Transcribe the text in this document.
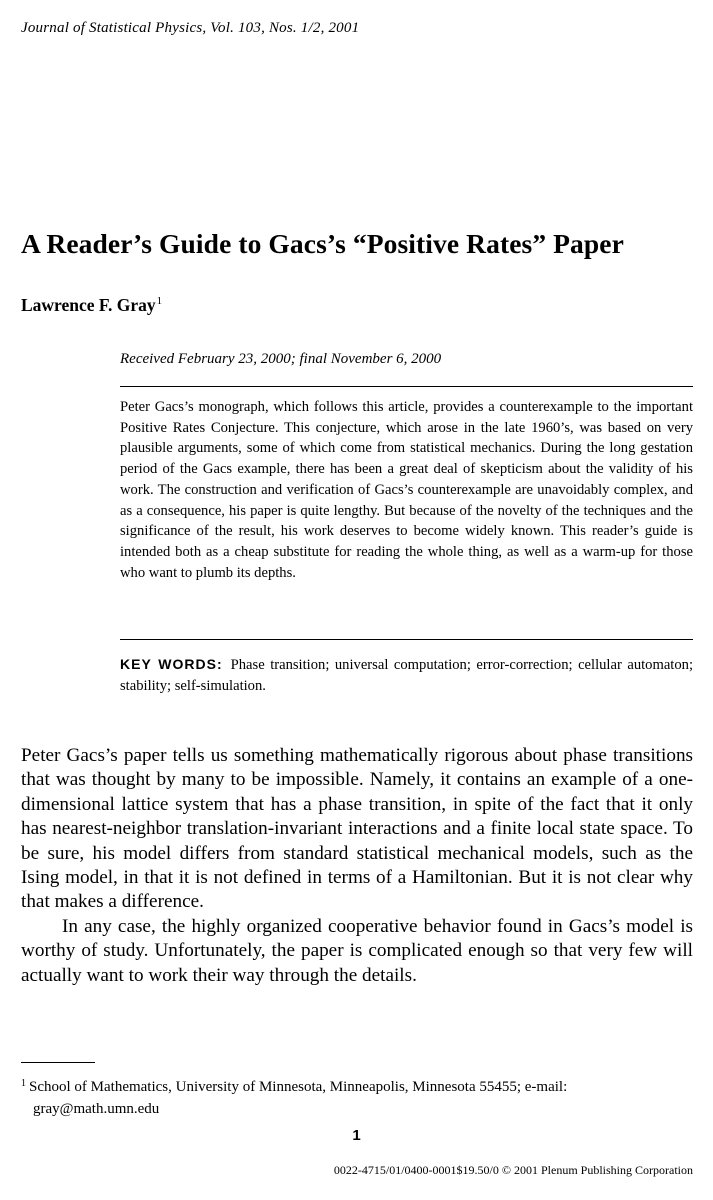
Journal of Statistical Physics, Vol. 103, Nos. 1/2, 2001
A Reader’s Guide to Gacs’s “Positive Rates” Paper
Lawrence F. Gray$^1$
Received February 23, 2000; final November 6, 2000
Peter Gacs’s monograph, which follows this article, provides a counterexample to the important Positive Rates Conjecture. This conjecture, which arose in the late 1960’s, was based on very plausible arguments, some of which come from statistical mechanics. During the long gestation period of the Gacs example, there has been a great deal of skepticism about the validity of his work. The construction and verification of Gacs’s counterexample are unavoidably complex, and as a consequence, his paper is quite lengthy. But because of the novelty of the techniques and the significance of the result, his work deserves to become widely known. This reader’s guide is intended both as a cheap substitute for reading the whole thing, as well as a warm-up for those who want to plumb its depths.
KEY WORDS: Phase transition; universal computation; error-correction; cellular automaton; stability; self-simulation.

Peter Gacs’s paper tells us something mathematically rigorous about phase transitions that was thought by many to be impossible. Namely, it contains an example of a one-dimensional lattice system that has a phase transition, in spite of the fact that it only has nearest-neighbor translation-invariant interactions and a finite local state space. To be sure, his model differs from standard statistical mechanical models, such as the Ising model, in that it is not defined in terms of a Hamiltonian. But it is not clear why that makes a difference.

In any case, the highly organized cooperative behavior found in Gacs’s model is worthy of study. Unfortunately, the paper is complicated enough so that very few will actually want to work their way through the details.

$^1$ School of Mathematics, University of Minnesota, Minneapolis, Minnesota 55455; e-mail:
gray@math.umn.edu
1
0022-4715/01/0400-0001$19.50/0 © 2001 Plenum Publishing Corporation
